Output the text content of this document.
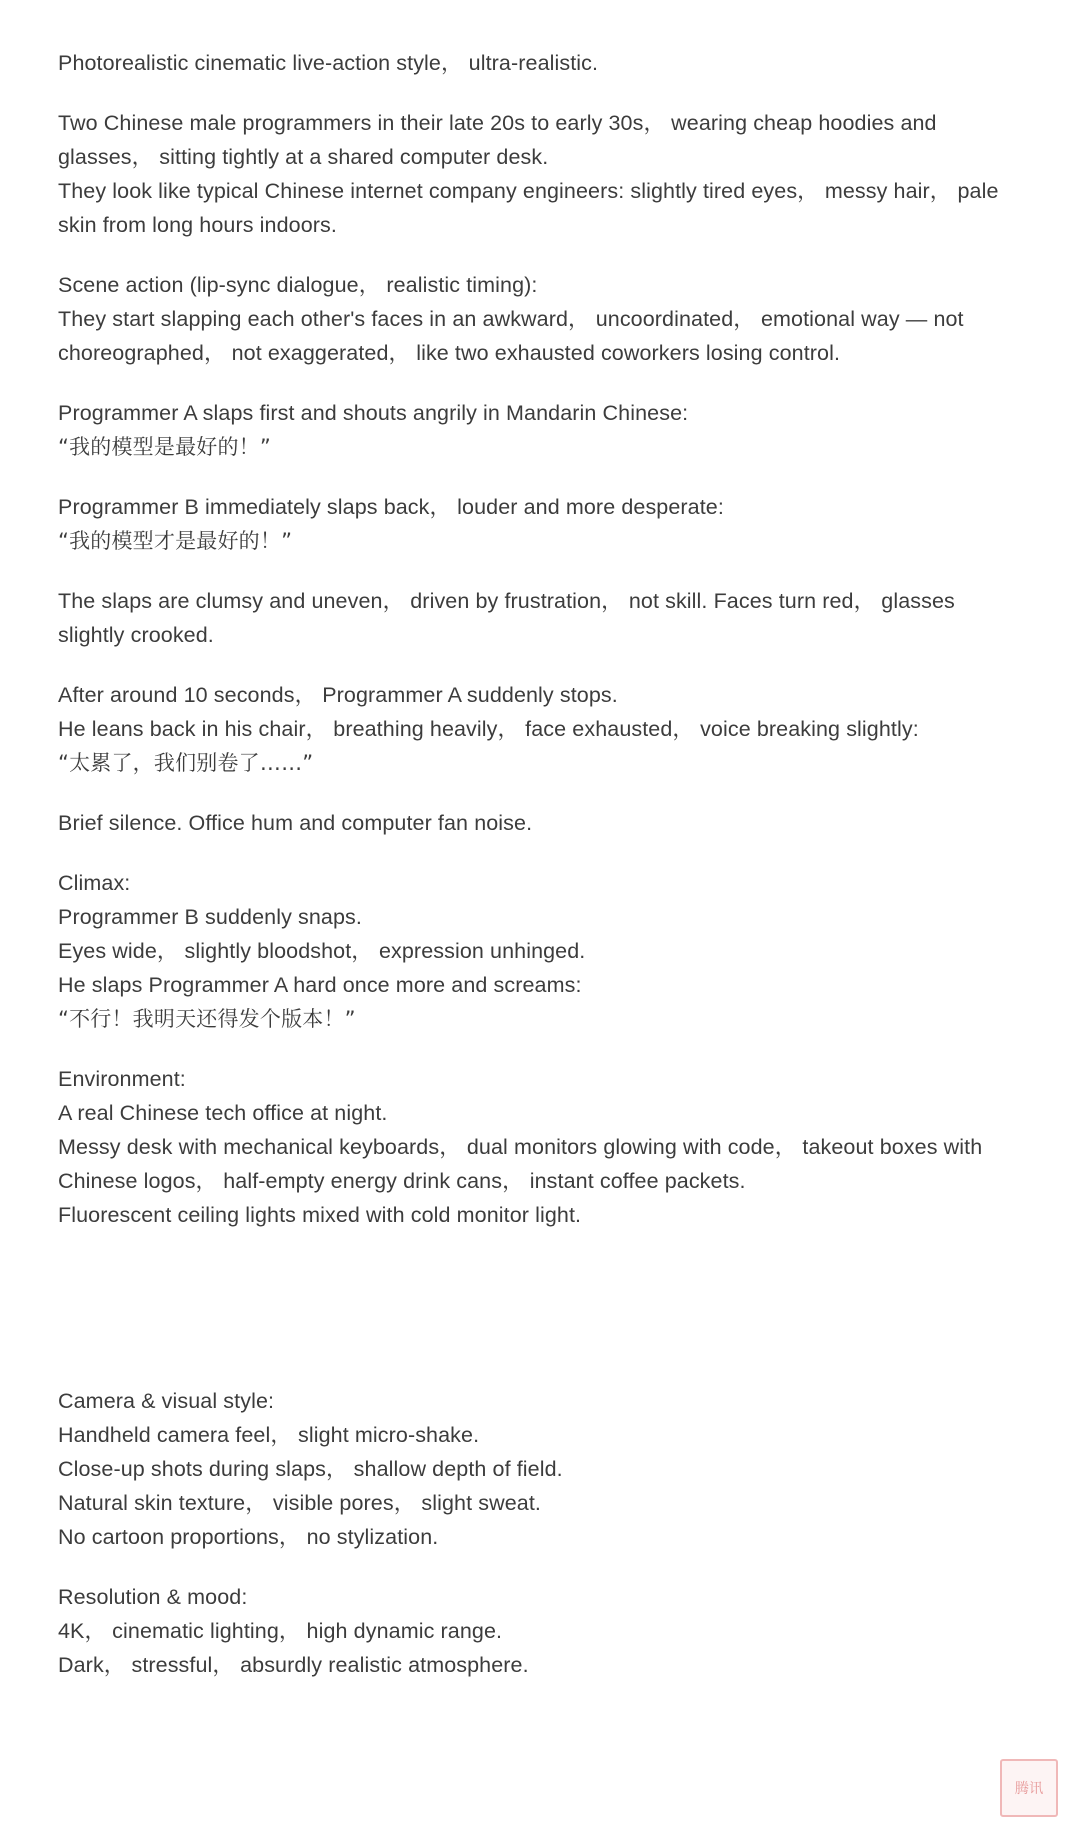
Photorealistic cinematic live-action style， ultra-realistic.
Two Chinese male programmers in their late 20s to early 30s， wearing cheap hoodies and glasses， sitting tightly at a shared computer desk.
They look like typical Chinese internet company engineers: slightly tired eyes， messy hair， pale skin from long hours indoors.
Scene action (lip-sync dialogue， realistic timing):
They start slapping each other's faces in an awkward， uncoordinated， emotional way — not choreographed， not exaggerated， like two exhausted coworkers losing control.
Programmer A slaps first and shouts angrily in Mandarin Chinese:
“我的模型是最好的！”
Programmer B immediately slaps back， louder and more desperate:
“我的模型才是最好的！”
The slaps are clumsy and uneven， driven by frustration， not skill. Faces turn red， glasses slightly crooked.
After around 10 seconds， Programmer A suddenly stops.
He leans back in his chair， breathing heavily， face exhausted， voice breaking slightly:
“太累了，我们别卷了……”
Brief silence. Office hum and computer fan noise.
Climax:
Programmer B suddenly snaps.
Eyes wide， slightly bloodshot， expression unhinged.
He slaps Programmer A hard once more and screams:
“不行！我明天还得发个版本！”
Environment:
A real Chinese tech office at night.
Messy desk with mechanical keyboards， dual monitors glowing with code， takeout boxes with Chinese logos， half-empty energy drink cans， instant coffee packets.
Fluorescent ceiling lights mixed with cold monitor light.
Camera & visual style:
Handheld camera feel， slight micro-shake.
Close-up shots during slaps， shallow depth of field.
Natural skin texture， visible pores， slight sweat.
No cartoon proportions， no stylization.
Resolution & mood:
4K， cinematic lighting， high dynamic range.
Dark， stressful， absurdly realistic atmosphere.
腾讯
